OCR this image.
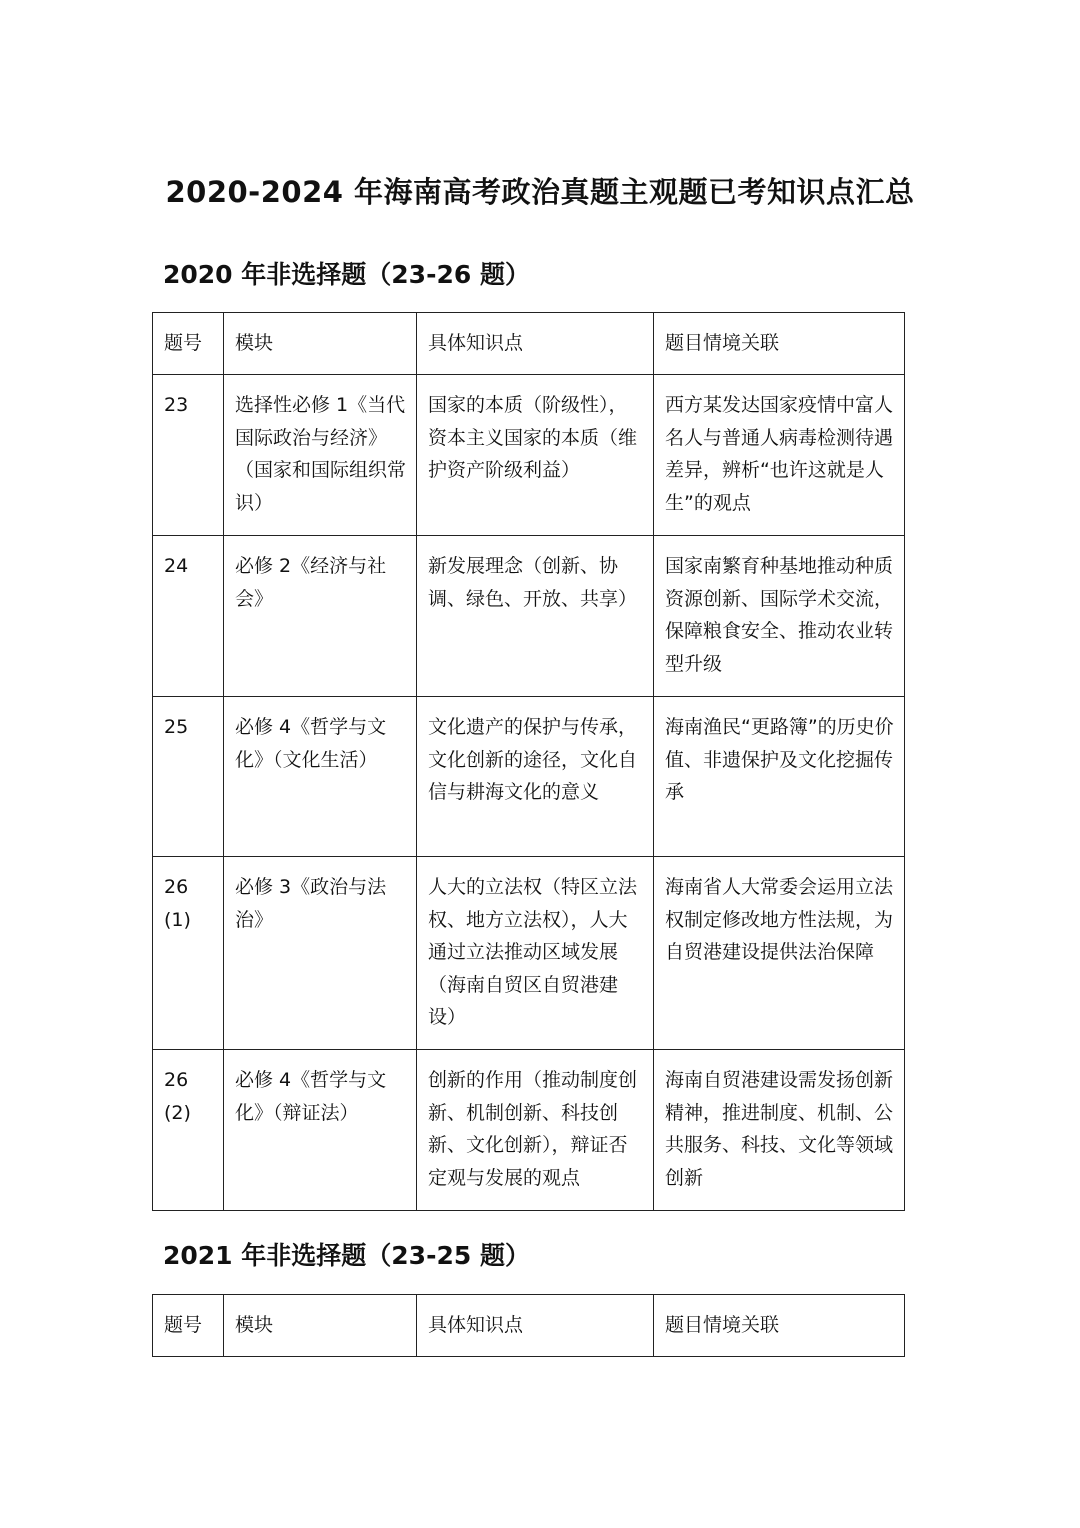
2020-2024 年海南高考政治真题主观题已考知识点汇总
2020 年非选择题（23-26 题）
题号	模块	具体知识点	题目情境关联
23	选择性必修 1《当代国际政治与经济》（国家和国际组织常识）	国家的本质（阶级性），资本主义国家的本质（维护资产阶级利益）	西方某发达国家疫情中富人名人与普通人病毒检测待遇差异，辨析“也许这就是人生”的观点
24	必修 2《经济与社会》	新发展理念（创新、协调、绿色、开放、共享）	国家南繁育种基地推动种质资源创新、国际学术交流，保障粮食安全、推动农业转型升级
25	必修 4《哲学与文化》（文化生活）	文化遗产的保护与传承，文化创新的途径，文化自信与耕海文化的意义	海南渔民“更路簿”的历史价值、非遗保护及文化挖掘传承
26(1)	必修 3《政治与法治》	人大的立法权（特区立法权、地方立法权），人大通过立法推动区域发展（海南自贸区自贸港建设）	海南省人大常委会运用立法权制定修改地方性法规，为自贸港建设提供法治保障
26(2)	必修 4《哲学与文化》（辩证法）	创新的作用（推动制度创新、机制创新、科技创新、文化创新），辩证否定观与发展的观点	海南自贸港建设需发扬创新精神，推进制度、机制、公共服务、科技、文化等领域创新
2021 年非选择题（23-25 题）
题号	模块	具体知识点	题目情境关联
